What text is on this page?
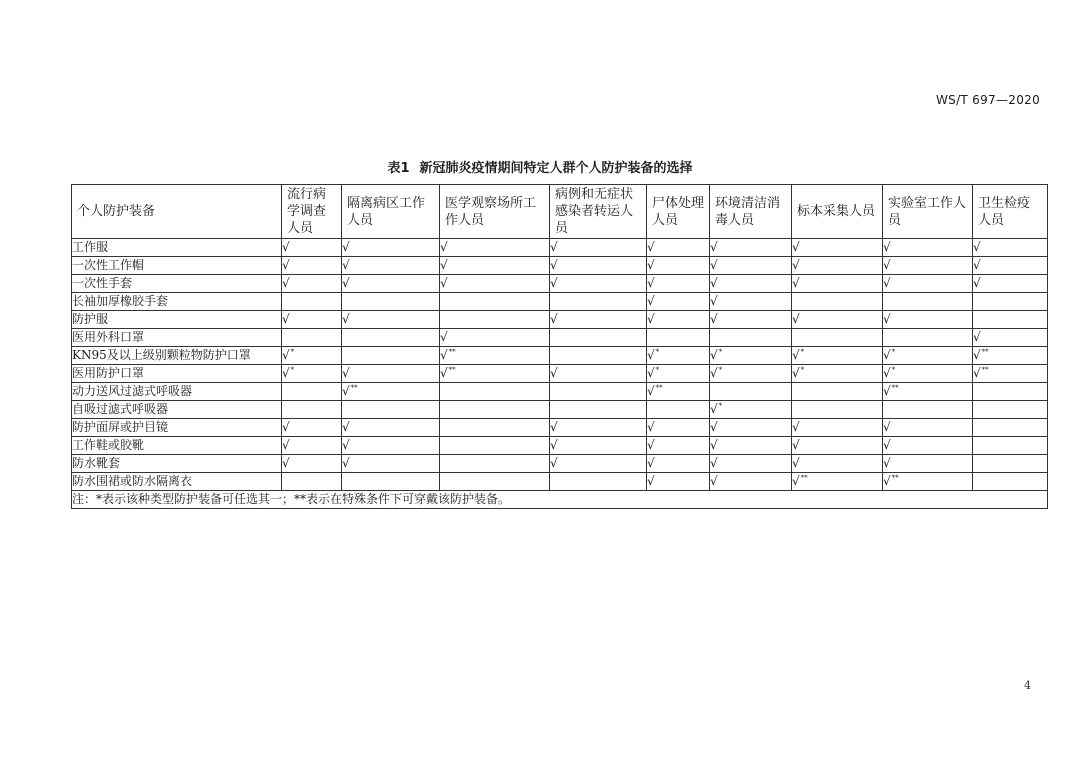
WS/T 697—2020
表1 新冠肺炎疫情期间特定人群个人防护装备的选择
个人防护装备	流行病学调查人员	隔离病区工作人员	医学观察场所工作人员	病例和无症状感染者转运人员	尸体处理人员	环境清洁消毒人员	标本采集人员	实验室工作人员	卫生检疫人员
工作服	√	√	√	√	√	√	√	√	√
一次性工作帽	√	√	√	√	√	√	√	√	√
一次性手套	√	√	√	√	√	√	√	√	√
长袖加厚橡胶手套					√	√			
防护服	√	√		√	√	√	√	√	
医用外科口罩			√						√
KN95及以上级别颗粒物防护口罩	√*		√**		√*	√*	√*	√*	√**
医用防护口罩	√*	√	√**	√	√*	√*	√*	√*	√**
动力送风过滤式呼吸器		√**			√**			√**	
自吸过滤式呼吸器						√*			
防护面屏或护目镜	√	√		√	√	√	√	√	
工作鞋或胶靴	√	√		√	√	√	√	√	
防水靴套	√	√		√	√	√	√	√	
防水围裙或防水隔离衣					√	√	√**	√**	
注：*表示该种类型防护装备可任选其一；**表示在特殊条件下可穿戴该防护装备。									
4
